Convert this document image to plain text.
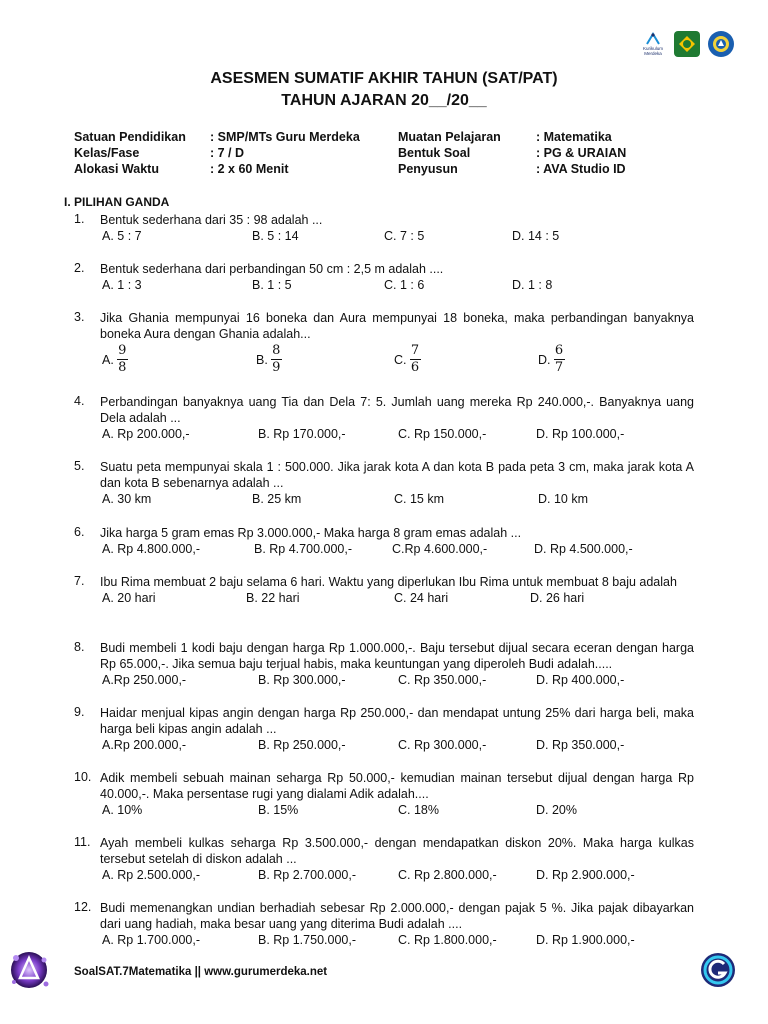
Kurikulum Merdeka
ASESMEN SUMATIF AKHIR TAHUN (SAT/PAT)
TAHUN AJARAN 20__/20__
Satuan Pendidikan : SMP/MTs Guru Merdeka	Muatan Pelajaran	: Matematika
Kelas/Fase	: 7 / D	Bentuk Soal	: PG & URAIAN
Alokasi Waktu	: 2 x 60 Menit	Penyusun	: AVA Studio ID
I. PILIHAN GANDA
1. Bentuk sederhana dari 35 : 98 adalah ...
A. 5 : 7	B. 5 : 14	C. 7 : 5	D. 14 : 5
2. Bentuk sederhana dari perbandingan 50 cm : 2,5 m adalah ....
A. 1 : 3	B. 1 : 5	C. 1 : 6	D. 1 : 8
3. Jika Ghania mempunyai 16 boneka dan Aura mempunyai 18 boneka, maka perbandingan banyaknya boneka Aura dengan Ghania adalah...
A. $\frac{9}{8}$	B. $\frac{8}{9}$	C. $\frac{7}{6}$	D. $\frac{6}{7}$
4. Perbandingan banyaknya uang Tia dan Dela 7: 5. Jumlah uang mereka Rp 240.000,-. Banyaknya uang Dela adalah ...
A. Rp 200.000,-	B. Rp 170.000,-	C. Rp 150.000,-	D. Rp 100.000,-
5. Suatu peta mempunyai skala 1 : 500.000. Jika jarak kota A dan kota B pada peta 3 cm, maka jarak kota A dan kota B sebenarnya adalah ...
A. 30 km	B. 25 km	C. 15 km	D. 10 km
6. Jika harga 5 gram emas Rp 3.000.000,- Maka harga 8 gram emas adalah ...
A. Rp 4.800.000,-	B. Rp 4.700.000,-	C.Rp 4.600.000,-	D. Rp 4.500.000,-
7. Ibu Rima membuat 2 baju selama 6 hari. Waktu yang diperlukan Ibu Rima untuk membuat 8 baju adalah
A. 20 hari	B. 22 hari	C. 24 hari	D. 26 hari
8. Budi membeli 1 kodi baju dengan harga Rp 1.000.000,-. Baju tersebut dijual secara eceran dengan harga Rp 65.000,-. Jika semua baju terjual habis, maka keuntungan yang diperoleh Budi adalah.....
A.Rp 250.000,-	B. Rp 300.000,-	C. Rp 350.000,-	D. Rp 400.000,-
9. Haidar menjual kipas angin dengan harga Rp 250.000,- dan mendapat untung 25% dari harga beli, maka harga beli kipas angin adalah ...
A.Rp 200.000,-	B. Rp 250.000,-	C. Rp 300.000,-	D. Rp 350.000,-
10. Adik membeli sebuah mainan seharga Rp 50.000,- kemudian mainan tersebut dijual dengan harga Rp 40.000,-. Maka persentase rugi yang dialami Adik adalah....
A. 10%	B. 15%	C. 18%	D. 20%
11. Ayah membeli kulkas seharga Rp 3.500.000,- dengan mendapatkan diskon 20%. Maka harga kulkas tersebut setelah di diskon adalah ...
A. Rp 2.500.000,-	B. Rp 2.700.000,-	C. Rp 2.800.000,-	D. Rp 2.900.000,-
12. Budi memenangkan undian berhadiah sebesar Rp 2.000.000,- dengan pajak 5 %. Jika pajak dibayarkan dari uang hadiah, maka besar uang yang diterima Budi adalah ....
A. Rp 1.700.000,-	B. Rp 1.750.000,-	C. Rp 1.800.000,-	D. Rp 1.900.000,-
SoalSAT.7Matematika || www.gurumerdeka.net
